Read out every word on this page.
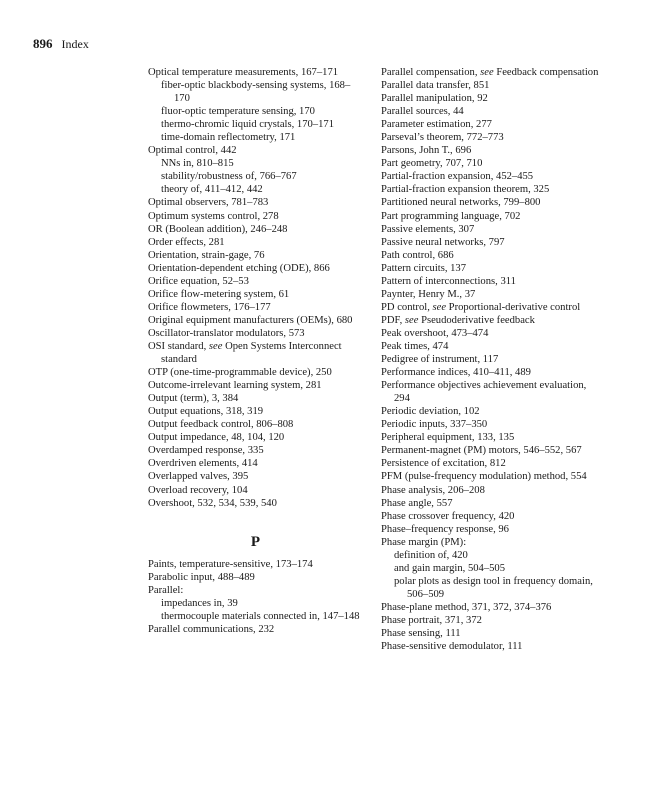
896 Index
Optical temperature measurements, 167–171
fiber-optic blackbody-sensing systems, 168–170
fluor-optic temperature sensing, 170
thermo-chromic liquid crystals, 170–171
time-domain reflectometry, 171
Optimal control, 442
NNs in, 810–815
stability/robustness of, 766–767
theory of, 411–412, 442
Optimal observers, 781–783
Optimum systems control, 278
OR (Boolean addition), 246–248
Order effects, 281
Orientation, strain-gage, 76
Orientation-dependent etching (ODE), 866
Orifice equation, 52–53
Orifice flow-metering system, 61
Orifice flowmeters, 176–177
Original equipment manufacturers (OEMs), 680
Oscillator-translator modulators, 573
OSI standard, see Open Systems Interconnect standard
OTP (one-time-programmable device), 250
Outcome-irrelevant learning system, 281
Output (term), 3, 384
Output equations, 318, 319
Output feedback control, 806–808
Output impedance, 48, 104, 120
Overdamped response, 335
Overdriven elements, 414
Overlapped valves, 395
Overload recovery, 104
Overshoot, 532, 534, 539, 540
P
Paints, temperature-sensitive, 173–174
Parabolic input, 488–489
Parallel:
impedances in, 39
thermocouple materials connected in, 147–148
Parallel communications, 232
Parallel compensation, see Feedback compensation
Parallel data transfer, 851
Parallel manipulation, 92
Parallel sources, 44
Parameter estimation, 277
Parseval’s theorem, 772–773
Parsons, John T., 696
Part geometry, 707, 710
Partial-fraction expansion, 452–455
Partial-fraction expansion theorem, 325
Partitioned neural networks, 799–800
Part programming language, 702
Passive elements, 307
Passive neural networks, 797
Path control, 686
Pattern circuits, 137
Pattern of interconnections, 311
Paynter, Henry M., 37
PD control, see Proportional-derivative control
PDF, see Pseudoderivative feedback
Peak overshoot, 473–474
Peak times, 474
Pedigree of instrument, 117
Performance indices, 410–411, 489
Performance objectives achievement evaluation, 294
Periodic deviation, 102
Periodic inputs, 337–350
Peripheral equipment, 133, 135
Permanent-magnet (PM) motors, 546–552, 567
Persistence of excitation, 812
PFM (pulse-frequency modulation) method, 554
Phase analysis, 206–208
Phase angle, 557
Phase crossover frequency, 420
Phase–frequency response, 96
Phase margin (PM):
definition of, 420
and gain margin, 504–505
polar plots as design tool in frequency domain, 506–509
Phase-plane method, 371, 372, 374–376
Phase portrait, 371, 372
Phase sensing, 111
Phase-sensitive demodulator, 111
